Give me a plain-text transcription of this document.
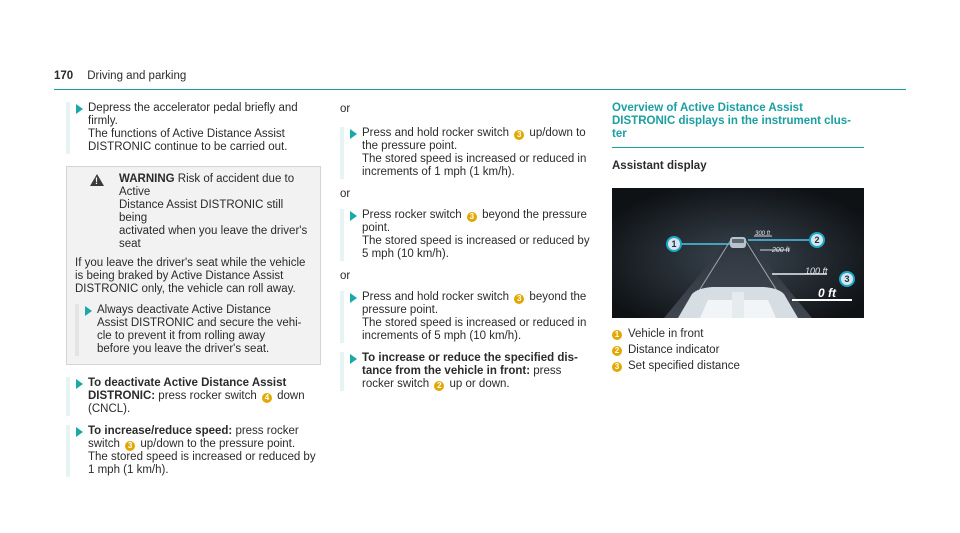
170 Driving and parking

Depress the accelerator pedal briefly and

firmly.

The functions of Active Distance Assist

DISTRONIC continue to be carried out.

!

WARNING Risk of accident due to Active

Distance Assist DISTRONIC still being

activated when you leave the driver's

seat

If you leave the driver's seat while the vehicle

is being braked by Active Distance Assist

DISTRONIC only, the vehicle can roll away.

Always deactivate Active Distance

Assist DISTRONIC and secure the vehi-

cle to prevent it from rolling away

before you leave the driver's seat.

To deactivate Active Distance Assist

DISTRONIC: press rocker switch 4 down

(CNCL).

To increase/reduce speed: press rocker

switch 3 up/down to the pressure point.

The stored speed is increased or reduced by

1 mph (1 km/h).

or

Press and hold rocker switch 3 up/down to

the pressure point.

The stored speed is increased or reduced in

increments of 1 mph (1 km/h).

or

Press rocker switch 3 beyond the pressure

point.

The stored speed is increased or reduced by

5 mph (10 km/h).

or

Press and hold rocker switch 3 beyond the

pressure point.

The stored speed is increased or reduced in

increments of 5 mph (10 km/h).

To increase or reduce the specified dis-

tance from the vehicle in front: press

rocker switch 2 up or down.

Overview of Active Distance Assist

DISTRONIC displays in the instrument clus-

ter

Assistant display

300 ft
200 ft
100 ft
0 ft
1	2
3
1 Vehicle in front
2 Distance indicator
3 Set specified distance
